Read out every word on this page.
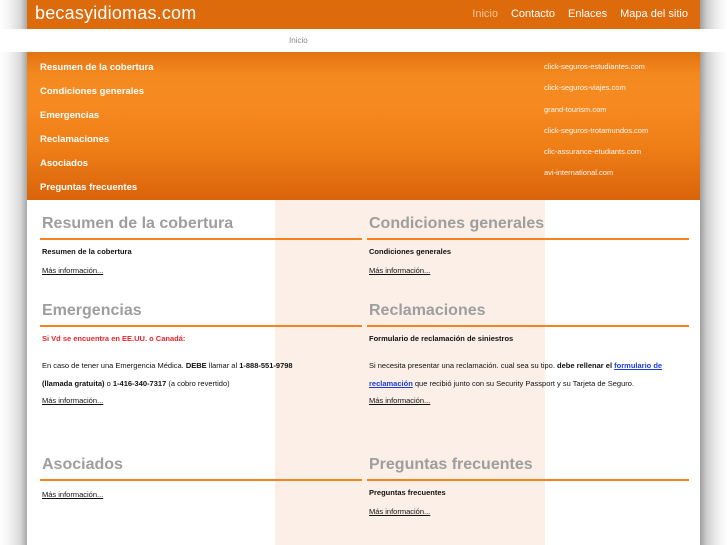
becasyidiomas.com	Inicio Contacto Enlaces Mapa del sitio
Inicio
Resumen de la cobertura
Condiciones generales
Emergencias
Reclamaciones
Asociados
Preguntas frecuentes
click-seguros-estudiantes.com
click-seguros-viajes.com
grand-tourism.com
click-seguros-trotamundos.com
clic-assurance-etudiants.com
avi-international.com
Resumen de la cobertura
Resumen de la cobertura
Más información...
Condiciones generales
Condiciones generales
Más información...
Emergencias
Si Vd se encuentra en EE.UU. o Canadá:
En caso de tener una Emergencia Médica. DEBE llamar al 1-888-551-9798
(llamada gratuita) o 1-416-340-7317 (a cobro revertido)
Más información...
Reclamaciones
Formulario de reclamación de siniestros
Si necesita presentar una reclamación. cual sea su tipo. debe rellenar el formulario de reclamación que recibió junto con su Security Passport y su Tarjeta de Seguro.
Más información...
Asociados
Más información...
Preguntas frecuentes
Preguntas frecuentes
Más información...
